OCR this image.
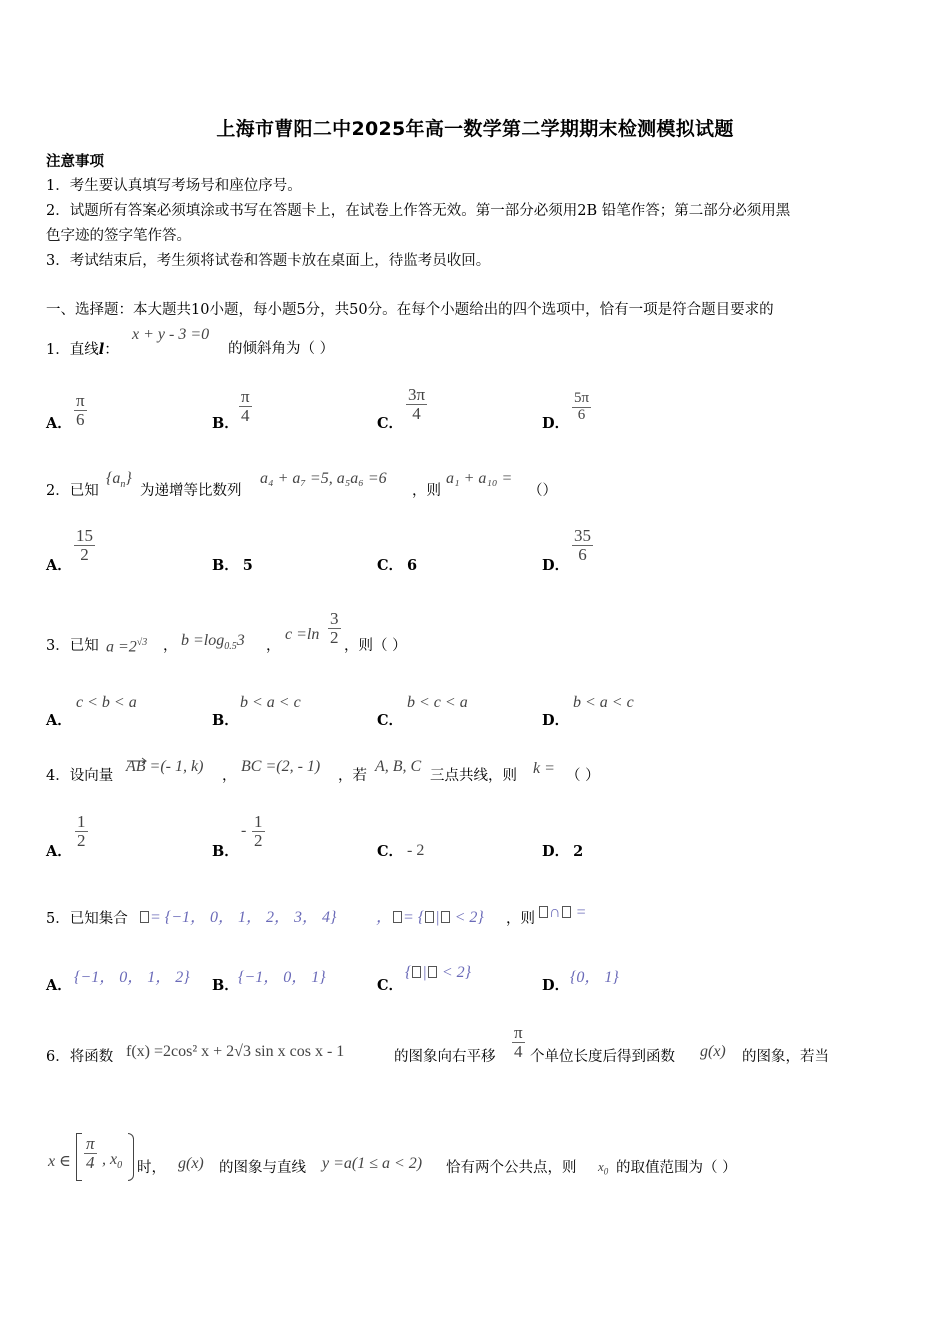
上海市曹阳二中2025年高一数学第二学期期末检测模拟试题
注意事项
1．考生要认真填写考场号和座位序号。
2．试题所有答案必须填涂或书写在答题卡上，在试卷上作答无效。第一部分必须用2B 铅笔作答；第二部分必须用黑
色字迹的签字笔作答。
3．考试结束后，考生须将试卷和答题卡放在桌面上，待监考员收回。
一、选择题：本大题共10小题，每小题5分，共50分。在每个小题给出的四个选项中，恰有一项是符合题目要求的
1．直线l：
x + y - 3 =0
的倾斜角为（ ）
A． $\frac{\pi}{6}$	B． $\frac{\pi}{4}$	C．
$\frac{3\pi}{4}$
D． $\frac{5\pi}{6}$
2．已知
$\{a_n\}$
为递增等比数列
a₄ + a₇ =5, a₅a₆ =6
，则
a₁ + a₁₀ =
（）
A．
$\frac{15}{2}$
B． 5	C． 6	D．
$\frac{35}{6}$
3．已知 $a =2^{√3}$ ， $b =\log_{0.5}3$ ，
$c =\ln \frac{3}{2}$ ，则（ ）
A．
c < b < a
B．
b < a < c
C．
b < c < a
D．
b < a < c
4．设向量
AB =(- 1, k)
，
BC =(2, - 1)
，若
A, B, C
三点共线，则 k = （ ）
A．
$\frac{1}{2}$
B．
- $\frac{1}{2}$
C． - 2	D． 2
5．已知集合	= {−1， 0， 1， 2， 3， 4} ， = { | < 2} ，则 ∩ =
A． {−1， 0， 1， 2} B． {−1， 0， 1}	C．
{ | < 2}
D． {0， 1}
6．将函数 f(x) =2cos² x + 2√3 sin x cos x - 1	的图象向右平移 $\frac{\pi}{4}$ 个单位长度后得到函数 g(x) 的图象，若当
x ∈ $\frac{\pi}{4}$ , $x_0$ 时， g(x) 的图象与直线 y =a(1 ≤ a < 2) 恰有两个公共点，则 $x_0$ 的取值范围为（ ）
